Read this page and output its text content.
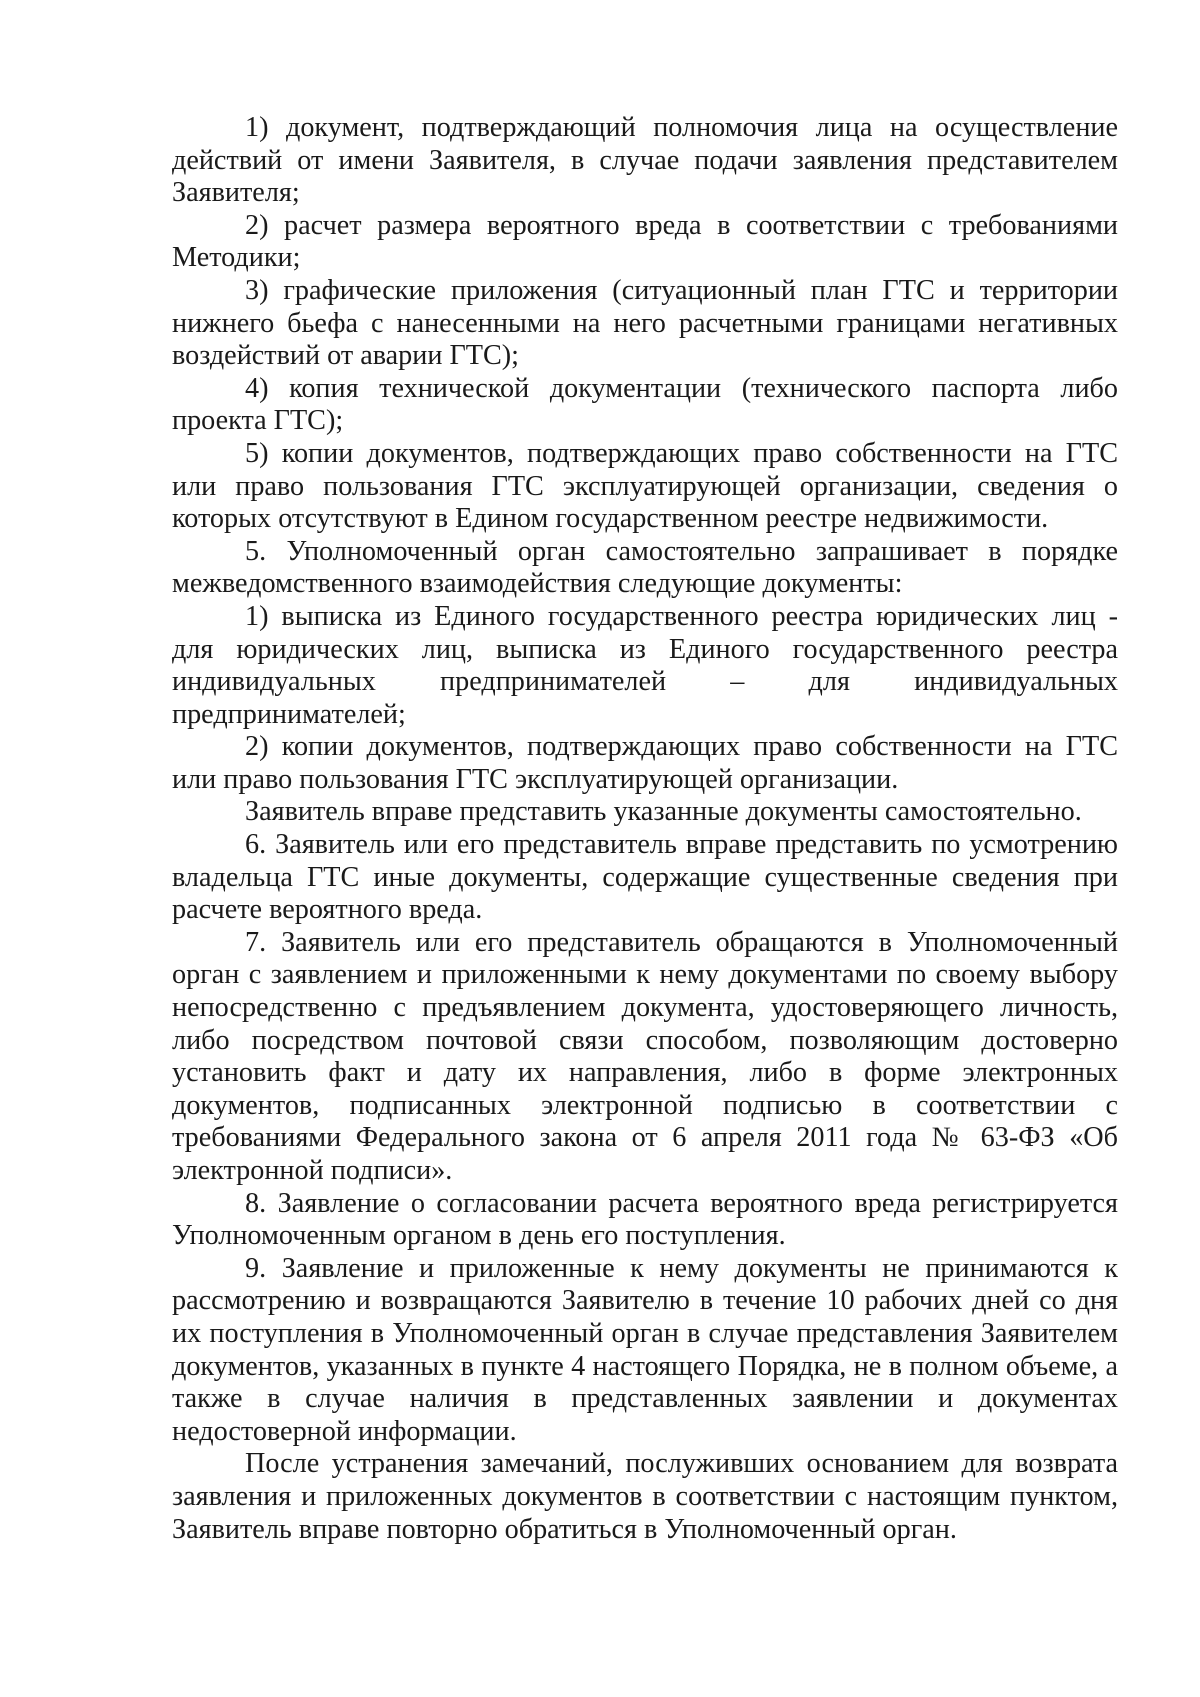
1) документ, подтверждающий полномочия лица на осуществление действий от имени Заявителя, в случае подачи заявления представителем Заявителя;

2) расчет размера вероятного вреда в соответствии с требованиями Методики;

3) графические приложения (ситуационный план ГТС и территории нижнего бьефа с нанесенными на него расчетными границами негативных воздействий от аварии ГТС);

4) копия технической документации (технического паспорта либо проекта ГТС);

5) копии документов, подтверждающих право собственности на ГТС или право пользования ГТС эксплуатирующей организации, сведения о которых отсутствуют в Едином государственном реестре недвижимости.

5. Уполномоченный орган самостоятельно запрашивает в порядке межведомственного взаимодействия следующие документы:

1) выписка из Единого государственного реестра юридических лиц - для юридических лиц, выписка из Единого государственного реестра индивидуальных предпринимателей – для индивидуальных предпринимателей;

2) копии документов, подтверждающих право собственности на ГТС или право пользования ГТС эксплуатирующей организации.

Заявитель вправе представить указанные документы самостоятельно.

6. Заявитель или его представитель вправе представить по усмотрению владельца ГТС иные документы, содержащие существенные сведения при расчете вероятного вреда.

7. Заявитель или его представитель обращаются в Уполномоченный орган с заявлением и приложенными к нему документами по своему выбору непосредственно с предъявлением документа, удостоверяющего личность, либо посредством почтовой связи способом, позволяющим достоверно установить факт и дату их направления, либо в форме электронных документов, подписанных электронной подписью в соответствии с требованиями Федерального закона от 6 апреля 2011 года № 63-ФЗ «Об электронной подписи».

8. Заявление о согласовании расчета вероятного вреда регистрируется Уполномоченным органом в день его поступления.

9. Заявление и приложенные к нему документы не принимаются к рассмотрению и возвращаются Заявителю в течение 10 рабочих дней со дня их поступления в Уполномоченный орган в случае представления Заявителем документов, указанных в пункте 4 настоящего Порядка, не в полном объеме, а также в случае наличия в представленных заявлении и документах недостоверной информации.

После устранения замечаний, послуживших основанием для возврата заявления и приложенных документов в соответствии с настоящим пунктом, Заявитель вправе повторно обратиться в Уполномоченный орган.
